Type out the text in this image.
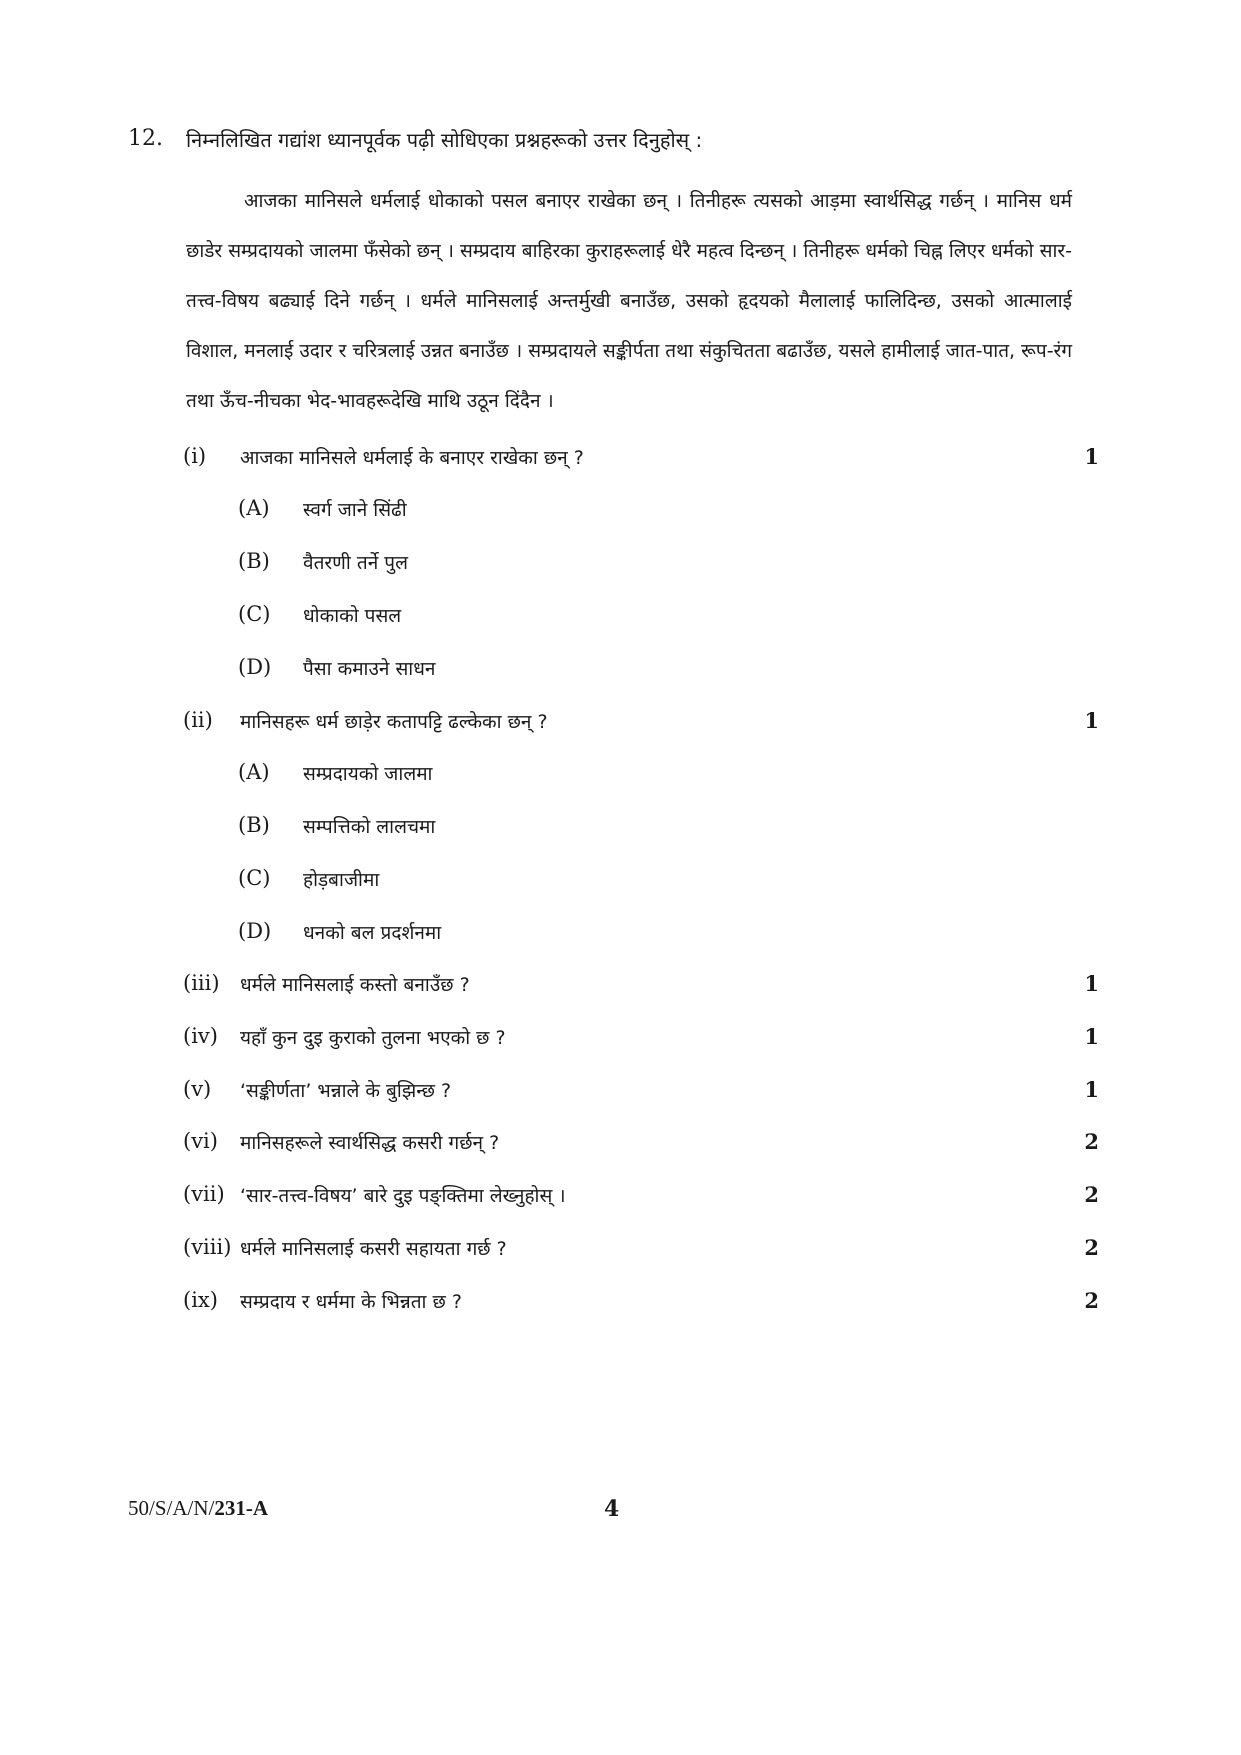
12. निम्नलिखित गद्यांश ध्यानपूर्वक पढ़ी सोधिएका प्रश्नहरूको उत्तर दिनुहोस् :

आजका मानिसले धर्मलाई धोकाको पसल बनाएर राखेका छन् । तिनीहरू त्यसको आड़मा स्वार्थसिद्ध गर्छन् । मानिस धर्म छाडेर सम्प्रदायको जालमा फँसेको छन् । सम्प्रदाय बाहिरका कुराहरूलाई धेरै महत्व दिन्छन् । तिनीहरू धर्मको चिह्न लिएर धर्मको सार-तत्त्व-विषय बढ्याई दिने गर्छन् । धर्मले मानिसलाई अन्तर्मुखी बनाउँछ, उसको हृदयको मैलालाई फालिदिन्छ, उसको आत्मालाई विशाल, मनलाई उदार र चरित्रलाई उन्नत बनाउँछ । सम्प्रदायले सङ्कीर्पता तथा संकुचितता बढाउँछ, यसले हामीलाई जात-पात, रूप-रंग तथा ऊँच-नीचका भेद-भावहरूदेखि माथि उठून दिंदैन ।

(i) आजका मानिसले धर्मलाई के बनाएर राखेका छन् ?	1
(A) स्वर्ग जाने सिंढी
(B) वैतरणी तर्ने पुल
(C) धोकाको पसल
(D) पैसा कमाउने साधन
(ii) मानिसहरू धर्म छाड़ेर कतापट्टि ढल्केका छन् ?	1
(A) सम्प्रदायको जालमा
(B) सम्पत्तिको लालचमा
(C) होड़बाजीमा
(D) धनको बल प्रदर्शनमा
(iii) धर्मले मानिसलाई कस्तो बनाउँछ ?	1
(iv) यहाँ कुन दुइ कुराको तुलना भएको छ ?	1
(v) ‘सङ्कीर्णता’ भन्नाले के बुझिन्छ ?	1
(vi) मानिसहरूले स्वार्थसिद्ध कसरी गर्छन् ?	2
(vii) ‘सार-तत्त्व-विषय’ बारे दुइ पङ्क्तिमा लेख्नुहोस् ।	2
(viii) धर्मले मानिसलाई कसरी सहायता गर्छ ?	2
(ix) सम्प्रदाय र धर्ममा के भिन्नता छ ?	2
50/S/A/N/231-A	4
